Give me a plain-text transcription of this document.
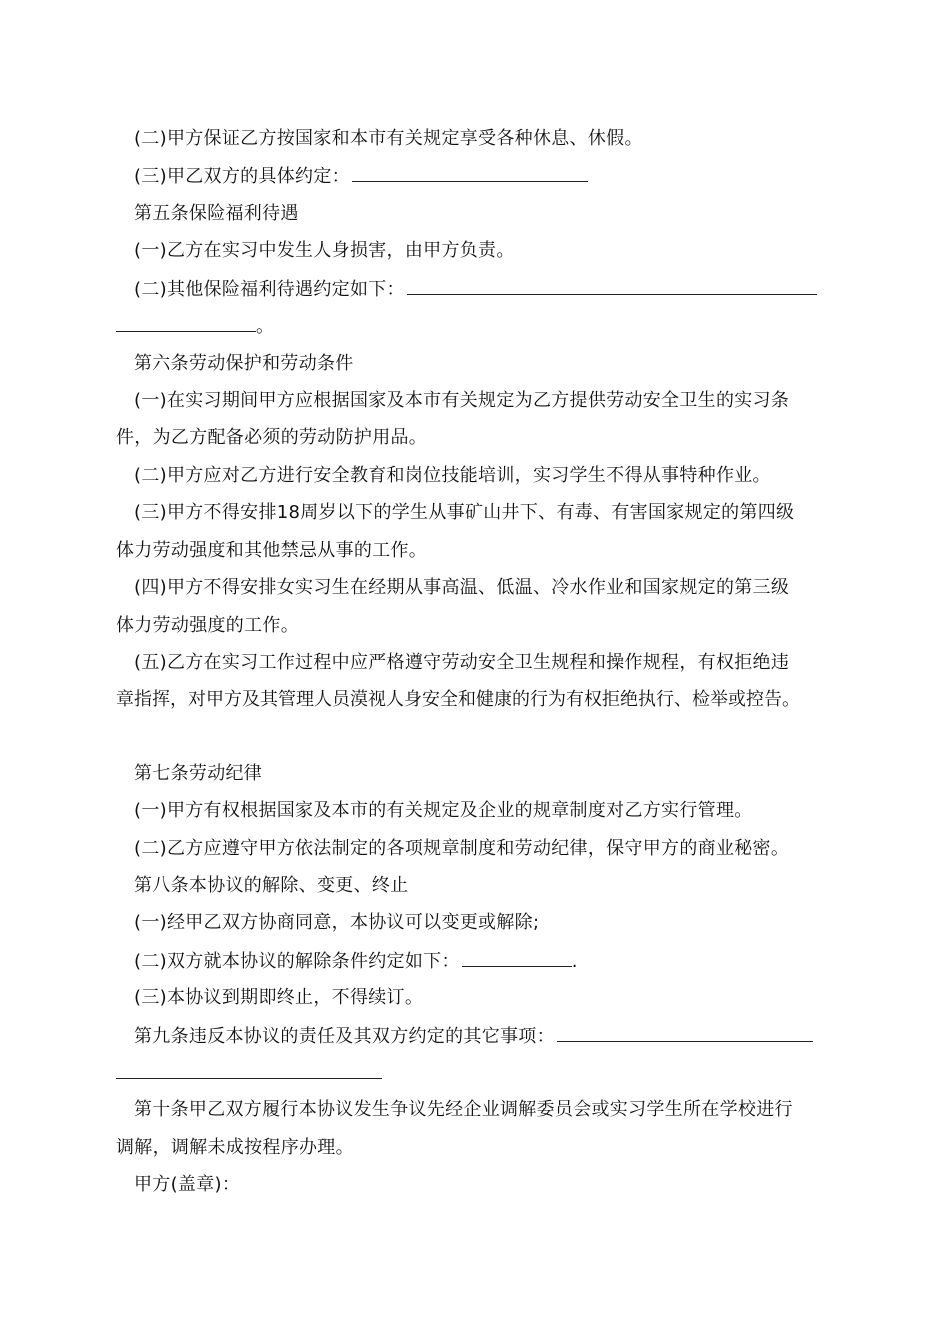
(二)甲方保证乙方按国家和本市有关规定享受各种休息、休假。
(三)甲乙双方的具体约定：
第五条保险福利待遇
(一)乙方在实习中发生人身损害，由甲方负责。
(二)其他保险福利待遇约定如下：
。
第六条劳动保护和劳动条件
(一)在实习期间甲方应根据国家及本市有关规定为乙方提供劳动安全卫生的实习条
件，为乙方配备必须的劳动防护用品。
(二)甲方应对乙方进行安全教育和岗位技能培训，实习学生不得从事特种作业。
(三)甲方不得安排18周岁以下的学生从事矿山井下、有毒、有害国家规定的第四级
体力劳动强度和其他禁忌从事的工作。
(四)甲方不得安排女实习生在经期从事高温、低温、冷水作业和国家规定的第三级
体力劳动强度的工作。
(五)乙方在实习工作过程中应严格遵守劳动安全卫生规程和操作规程，有权拒绝违
章指挥，对甲方及其管理人员漠视人身安全和健康的行为有权拒绝执行、检举或控告。
第七条劳动纪律
(一)甲方有权根据国家及本市的有关规定及企业的规章制度对乙方实行管理。
(二)乙方应遵守甲方依法制定的各项规章制度和劳动纪律，保守甲方的商业秘密。
第八条本协议的解除、变更、终止
(一)经甲乙双方协商同意，本协议可以变更或解除;
(二)双方就本协议的解除条件约定如下：	.
(三)本协议到期即终止，不得续订。
第九条违反本协议的责任及其双方约定的其它事项：
第十条甲乙双方履行本协议发生争议先经企业调解委员会或实习学生所在学校进行
调解，调解未成按程序办理。
甲方(盖章)：
